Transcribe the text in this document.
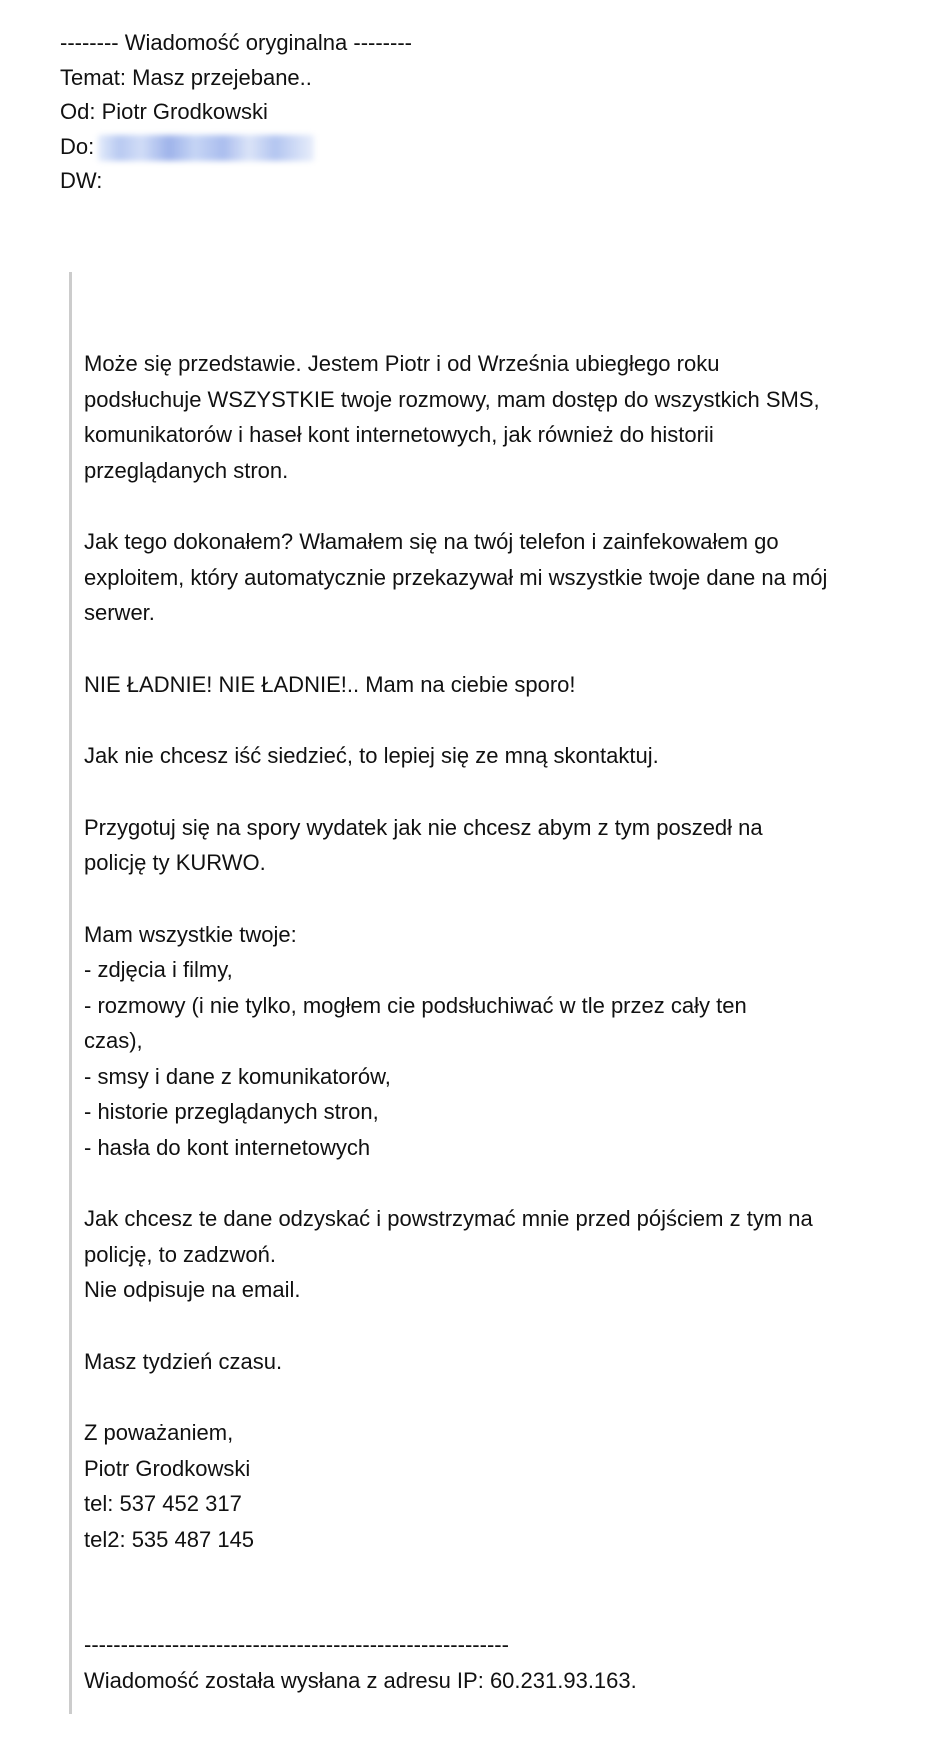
-------- Wiadomość oryginalna --------
Temat: Masz przejebane..
Od: Piotr Grodkowski
Do:
DW:

Może się przedstawie. Jestem Piotr i od Września ubiegłego roku
podsłuchuje WSZYSTKIE twoje rozmowy, mam dostęp do wszystkich SMS,
komunikatorów i haseł kont internetowych, jak również do historii
przeglądanych stron.

Jak tego dokonałem? Włamałem się na twój telefon i zainfekowałem go
exploitem, który automatycznie przekazywał mi wszystkie twoje dane na mój
serwer.

NIE ŁADNIE! NIE ŁADNIE!.. Mam na ciebie sporo!

Jak nie chcesz iść siedzieć, to lepiej się ze mną skontaktuj.

Przygotuj się na spory wydatek jak nie chcesz abym z tym poszedł na
policję ty KURWO.

Mam wszystkie twoje:
- zdjęcia i filmy,
- rozmowy (i nie tylko, mogłem cie podsłuchiwać w tle przez cały ten
czas),
- smsy i dane z komunikatorów,
- historie przeglądanych stron,
- hasła do kont internetowych

Jak chcesz te dane odzyskać i powstrzymać mnie przed pójściem z tym na
policję, to zadzwoń.
Nie odpisuje na email.

Masz tydzień czasu.

Z poważaniem,
Piotr Grodkowski
tel: 537 452 317
tel2: 535 487 145

----------------------------------------------------------

Wiadomość została wysłana z adresu IP: 60.231.93.163.
